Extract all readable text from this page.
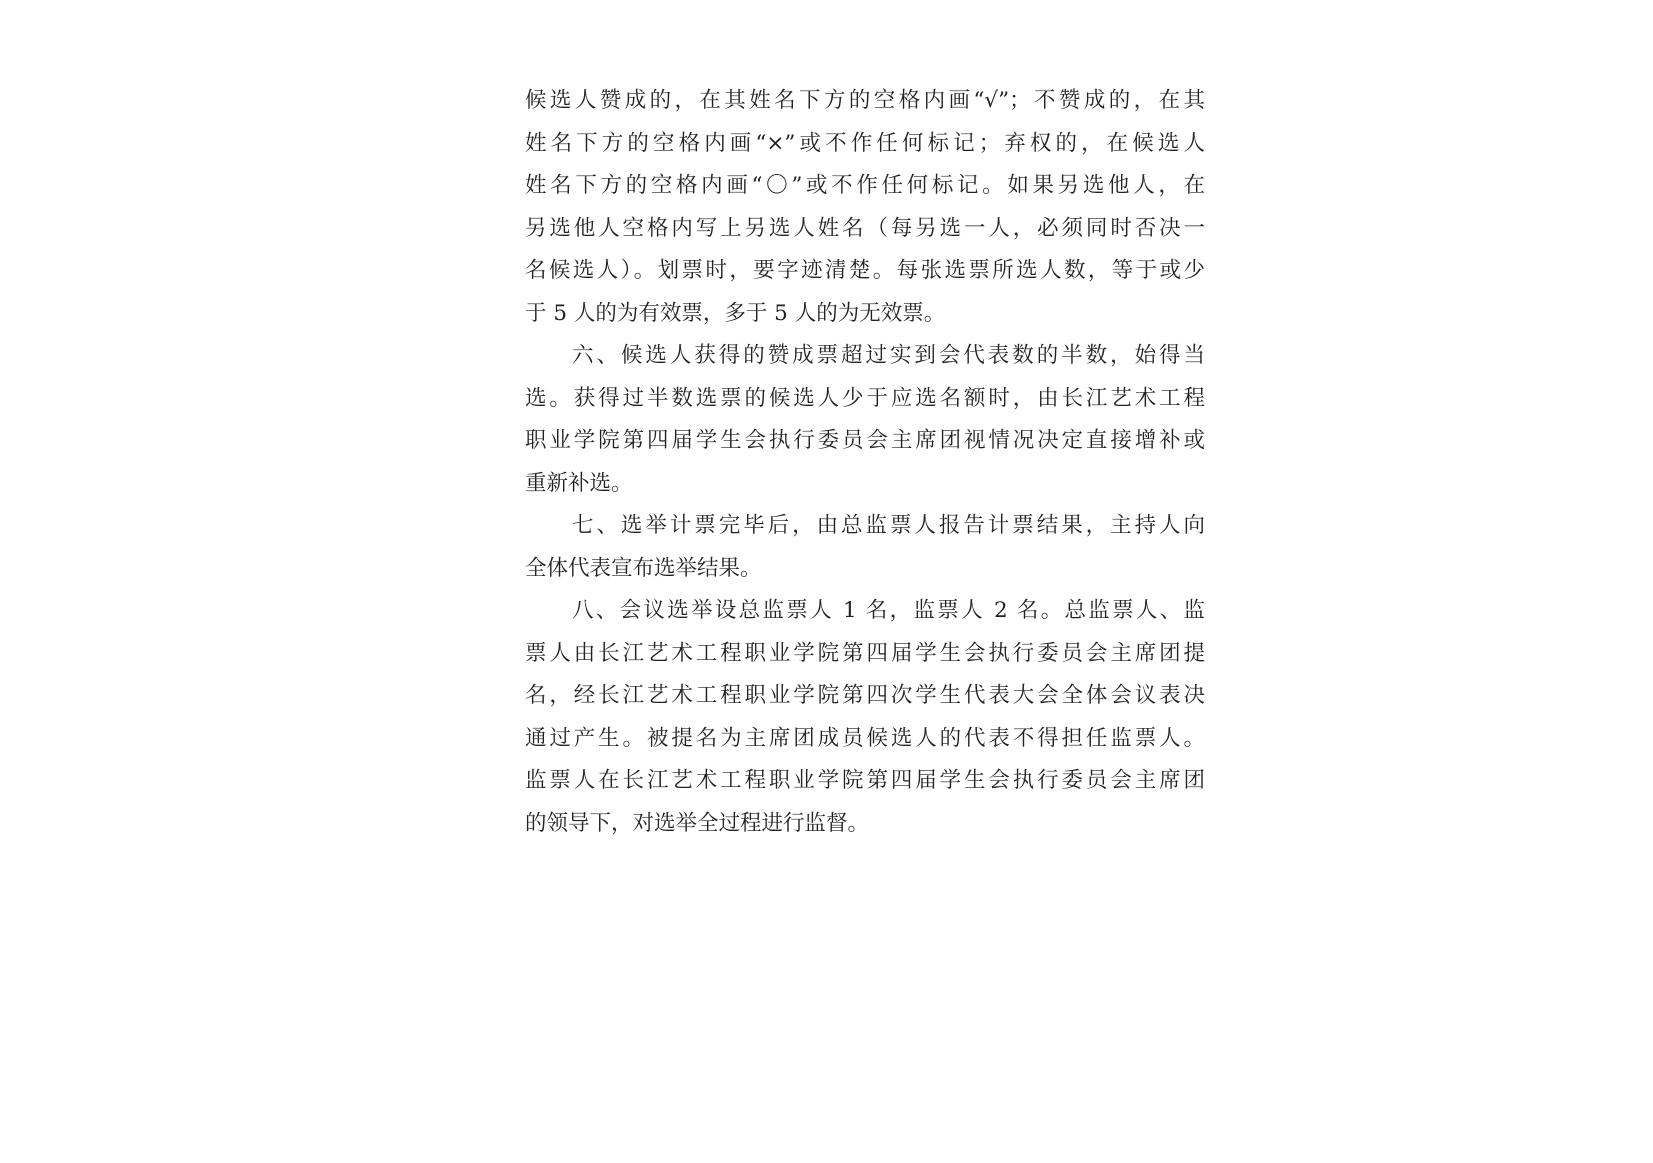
候选人赞成的，在其姓名下方的空格内画“√”；不赞成的，在其
姓名下方的空格内画“×”或不作任何标记；弃权的，在候选人
姓名下方的空格内画“〇”或不作任何标记。如果另选他人，在
另选他人空格内写上另选人姓名（每另选一人，必须同时否决一
名候选人）。划票时，要字迹清楚。每张选票所选人数，等于或少
于 5 人的为有效票，多于 5 人的为无效票。
六、候选人获得的赞成票超过实到会代表数的半数，始得当
选。获得过半数选票的候选人少于应选名额时，由长江艺术工程
职业学院第四届学生会执行委员会主席团视情况决定直接增补或
重新补选。
七、选举计票完毕后，由总监票人报告计票结果，主持人向
全体代表宣布选举结果。
八、会议选举设总监票人 1 名，监票人 2 名。总监票人、监
票人由长江艺术工程职业学院第四届学生会执行委员会主席团提
名，经长江艺术工程职业学院第四次学生代表大会全体会议表决
通过产生。被提名为主席团成员候选人的代表不得担任监票人。
监票人在长江艺术工程职业学院第四届学生会执行委员会主席团
的领导下，对选举全过程进行监督。
